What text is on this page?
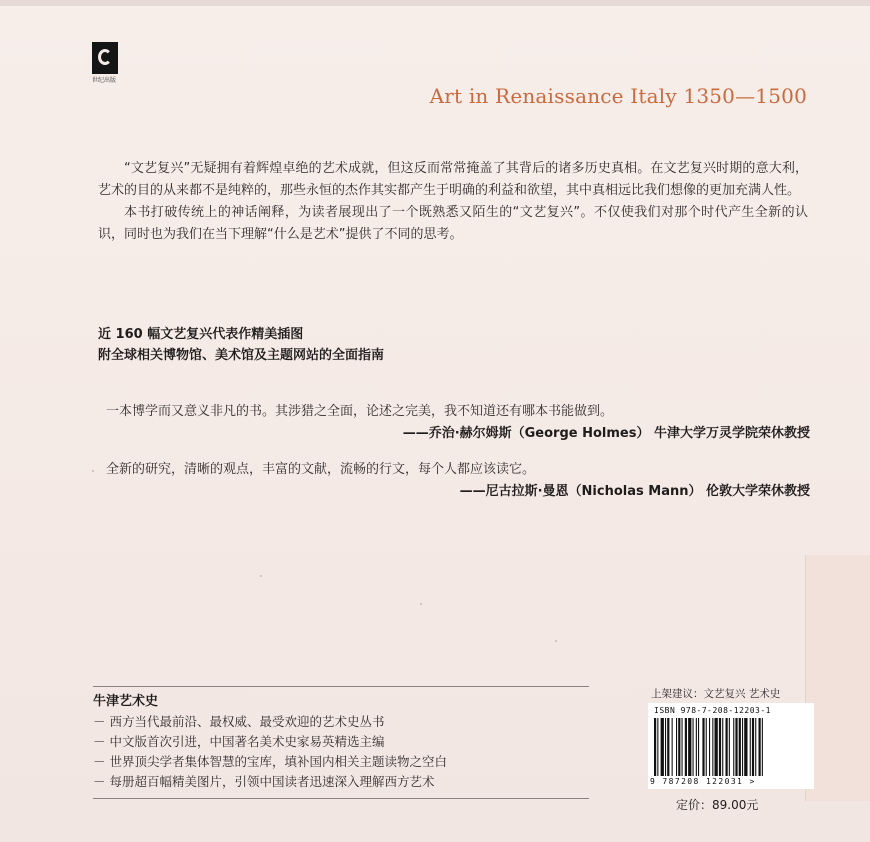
世纪出版
Art in Renaissance Italy 1350—1500

“文艺复兴”无疑拥有着辉煌卓绝的艺术成就，但这反而常常掩盖了其背后的诸多历史真相。在文艺复兴时期的意大利，艺术的目的从来都不是纯粹的，那些永恒的杰作其实都产生于明确的利益和欲望，其中真相远比我们想像的更加充满人性。

本书打破传统上的神话阐释，为读者展现出了一个既熟悉又陌生的“文艺复兴”。不仅使我们对那个时代产生全新的认识，同时也为我们在当下理解“什么是艺术”提供了不同的思考。

近 160 幅文艺复兴代表作精美插图
附全球相关博物馆、美术馆及主题网站的全面指南
一本博学而又意义非凡的书。其涉猎之全面，论述之完美，我不知道还有哪本书能做到。
——乔治·赫尔姆斯（George Holmes） 牛津大学万灵学院荣休教授
全新的研究，清晰的观点，丰富的文献，流畅的行文，每个人都应该读它。
——尼古拉斯·曼恩（Nicholas Mann） 伦敦大学荣休教授
牛津艺术史
－ 西方当代最前沿、最权威、最受欢迎的艺术史丛书
－ 中文版首次引进，中国著名美术史家易英精选主编
－ 世界顶尖学者集体智慧的宝库，填补国内相关主题读物之空白
－ 每册超百幅精美图片，引领中国读者迅速深入理解西方艺术
上架建议：文艺复兴 艺术史
ISBN 978-7-208-12203-1
9 787208 122031 >
定价：89.00元
